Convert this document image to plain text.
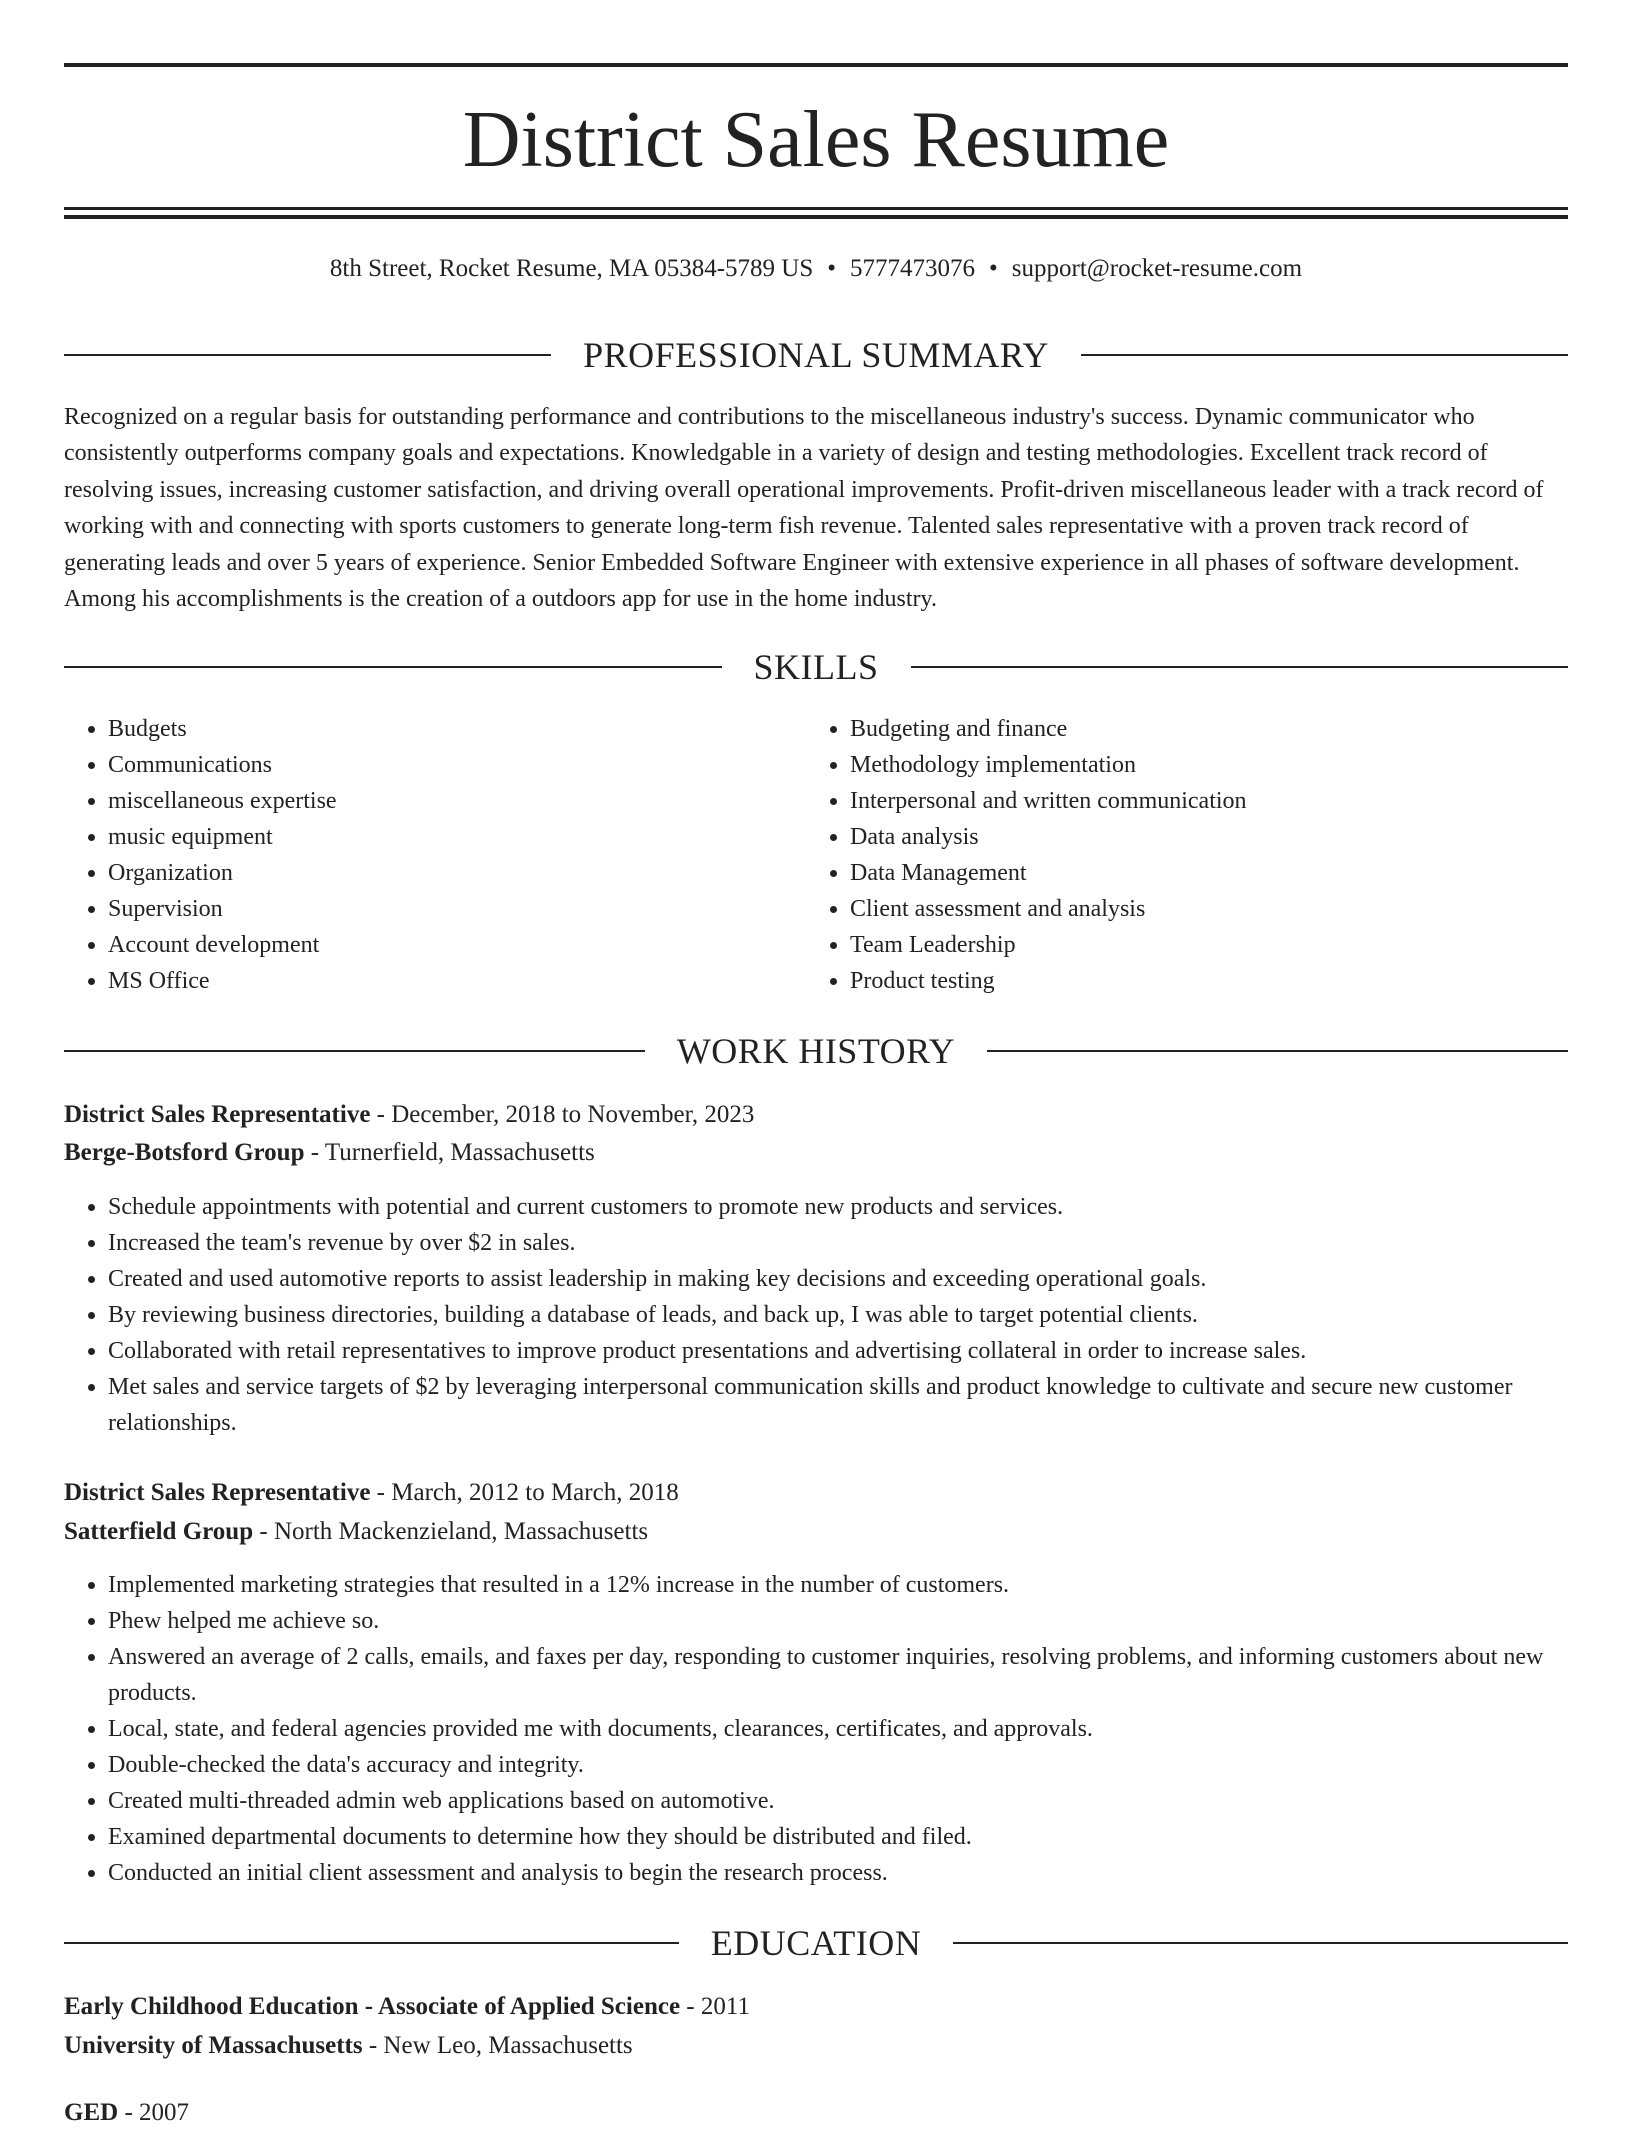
District Sales Resume
8th Street, Rocket Resume, MA 05384-5789 US • 5777473076 • support@rocket-resume.com
PROFESSIONAL SUMMARY

Recognized on a regular basis for outstanding performance and contributions to the miscellaneous industry's success. Dynamic communicator who consistently outperforms company goals and expectations. Knowledgable in a variety of design and testing methodologies. Excellent track record of resolving issues, increasing customer satisfaction, and driving overall operational improvements. Profit-driven miscellaneous leader with a track record of working with and connecting with sports customers to generate long-term fish revenue. Talented sales representative with a proven track record of generating leads and over 5 years of experience. Senior Embedded Software Engineer with extensive experience in all phases of software development. Among his accomplishments is the creation of a outdoors app for use in the home industry.

SKILLS
• Budgets
• Communications
• miscellaneous expertise
• music equipment
• Organization
• Supervision
• Account development
• MS Office
• Budgeting and finance
• Methodology implementation
• Interpersonal and written communication
• Data analysis
• Data Management
• Client assessment and analysis
• Team Leadership
• Product testing
WORK HISTORY
District Sales Representative - December, 2018 to November, 2023
Berge-Botsford Group - Turnerfield, Massachusetts
• Schedule appointments with potential and current customers to promote new products and services.
• Increased the team's revenue by over $2 in sales.
• Created and used automotive reports to assist leadership in making key decisions and exceeding operational goals.
• By reviewing business directories, building a database of leads, and back up, I was able to target potential clients.
• Collaborated with retail representatives to improve product presentations and advertising collateral in order to increase sales.
• Met sales and service targets of $2 by leveraging interpersonal communication skills and product knowledge to cultivate and secure new customer relationships.
District Sales Representative - March, 2012 to March, 2018
Satterfield Group - North Mackenzieland, Massachusetts
• Implemented marketing strategies that resulted in a 12% increase in the number of customers.
• Phew helped me achieve so.
• Answered an average of 2 calls, emails, and faxes per day, responding to customer inquiries, resolving problems, and informing customers about new products.
• Local, state, and federal agencies provided me with documents, clearances, certificates, and approvals.
• Double-checked the data's accuracy and integrity.
• Created multi-threaded admin web applications based on automotive.
• Examined departmental documents to determine how they should be distributed and filed.
• Conducted an initial client assessment and analysis to begin the research process.
EDUCATION
Early Childhood Education - Associate of Applied Science - 2011
University of Massachusetts - New Leo, Massachusetts
GED - 2007
